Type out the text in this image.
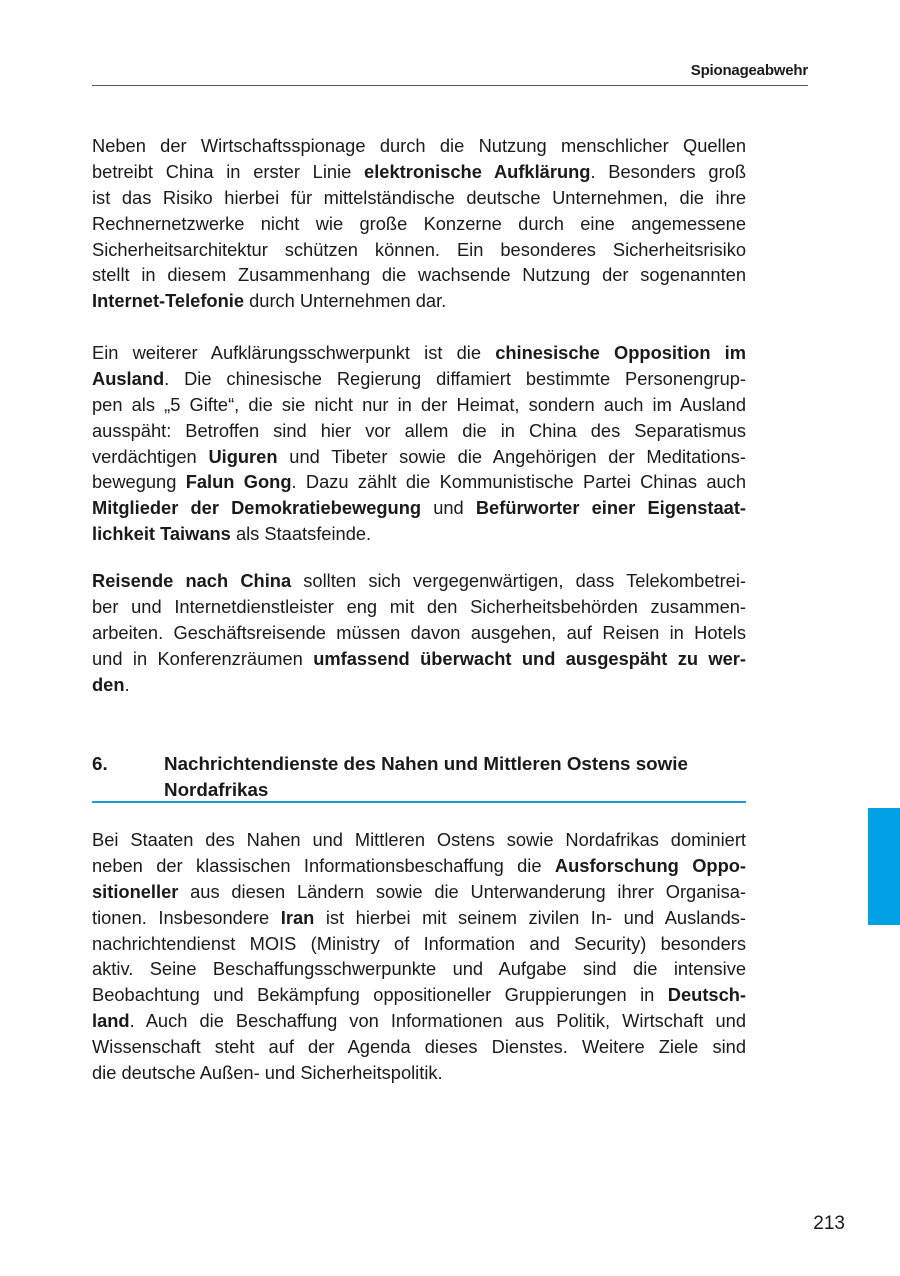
Spionageabwehr
Neben der Wirtschaftsspionage durch die Nutzung menschlicher Quellen
betreibt China in erster Linie elektronische Aufklärung. Besonders groß
ist das Risiko hierbei für mittelständische deutsche Unternehmen, die ihre
Rechnernetzwerke nicht wie große Konzerne durch eine angemessene
Sicherheitsarchitektur schützen können. Ein besonderes Sicherheitsrisiko
stellt in diesem Zusammenhang die wachsende Nutzung der sogenannten
Internet-Telefonie durch Unternehmen dar.
Ein weiterer Aufklärungsschwerpunkt ist die chinesische Opposition im
Ausland. Die chinesische Regierung diffamiert bestimmte Personengrup-
pen als „5 Gifte“, die sie nicht nur in der Heimat, sondern auch im Ausland
ausspäht: Betroffen sind hier vor allem die in China des Separatismus
verdächtigen Uiguren und Tibeter sowie die Angehörigen der Meditations-
bewegung Falun Gong. Dazu zählt die Kommunistische Partei Chinas auch
Mitglieder der Demokratiebewegung und Befürworter einer Eigenstaat-
lichkeit Taiwans als Staatsfeinde.
Reisende nach China sollten sich vergegenwärtigen, dass Telekombetrei-
ber und Internetdienstleister eng mit den Sicherheitsbehörden zusammen-
arbeiten. Geschäftsreisende müssen davon ausgehen, auf Reisen in Hotels
und in Konferenzräumen umfassend überwacht und ausgespäht zu wer-
den.
6.	Nachrichtendienste des Nahen und Mittleren Ostens sowie
Nordafrikas
Bei Staaten des Nahen und Mittleren Ostens sowie Nordafrikas dominiert
neben der klassischen Informationsbeschaffung die Ausforschung Oppo-
sitioneller aus diesen Ländern sowie die Unterwanderung ihrer Organisa-
tionen. Insbesondere Iran ist hierbei mit seinem zivilen In- und Auslands-
nachrichtendienst MOIS (Ministry of Information and Security) besonders
aktiv. Seine Beschaffungsschwerpunkte und Aufgabe sind die intensive
Beobachtung und Bekämpfung oppositioneller Gruppierungen in Deutsch-
land. Auch die Beschaffung von Informationen aus Politik, Wirtschaft und
Wissenschaft steht auf der Agenda dieses Dienstes. Weitere Ziele sind
die deutsche Außen- und Sicherheitspolitik.
213
